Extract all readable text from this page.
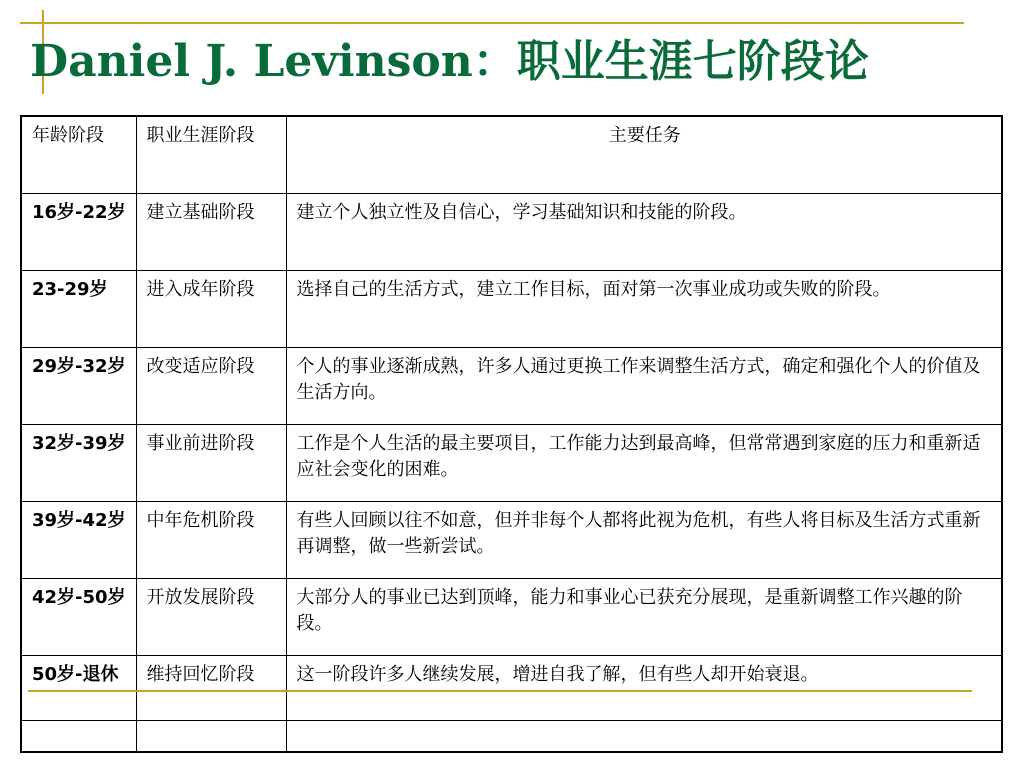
Daniel J. Levinson：职业生涯七阶段论
年龄阶段	职业生涯阶段	主要任务
16岁-22岁	建立基础阶段	建立个人独立性及自信心，学习基础知识和技能的阶段。
23-29岁	进入成年阶段	选择自己的生活方式，建立工作目标，面对第一次事业成功或失败的阶段。
29岁-32岁	改变适应阶段	个人的事业逐渐成熟，许多人通过更换工作来调整生活方式，确定和强化个人的价值及生活方向。
32岁-39岁	事业前进阶段	工作是个人生活的最主要项目，工作能力达到最高峰，但常常遇到家庭的压力和重新适应社会变化的困难。
39岁-42岁	中年危机阶段	有些人回顾以往不如意，但并非每个人都将此视为危机，有些人将目标及生活方式重新再调整，做一些新尝试。
42岁-50岁	开放发展阶段	大部分人的事业已达到顶峰，能力和事业心已获充分展现，是重新调整工作兴趣的阶段。
50岁-退休	维持回忆阶段	这一阶段许多人继续发展，增进自我了解，但有些人却开始衰退。
